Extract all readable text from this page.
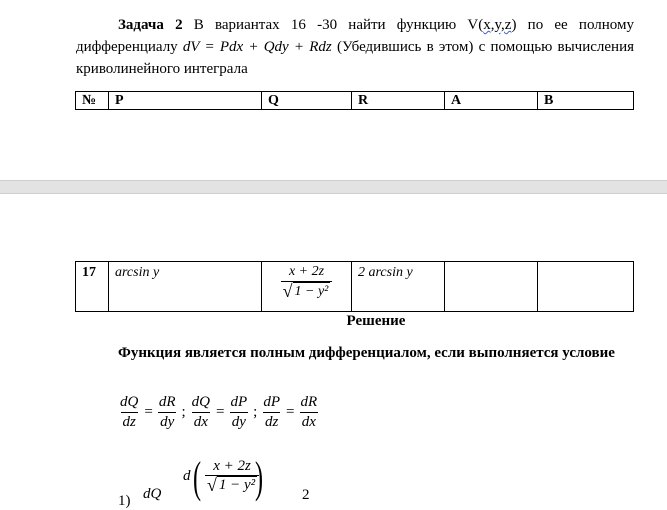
Задача 2 В вариантах 16 -30 найти функцию V(x,y,z) по ее полному дифференциалу dV = Pdx + Qdy + Rdz (Убедившись в этом) с помощью вычисления криволинейного интеграла
№	P	Q	R	A	B
17	arcsin y	$\frac{x + 2z}{\text{√ 1 − y²}}$	2 arcsin y		
Решение
Функция является полным дифференциалом, если выполняется условие
$\frac{dQ}{dz} = \frac{dR}{dy}$ ; $\frac{dQ}{dx} = \frac{dP}{dy}$ ; $\frac{dP}{dz} = \frac{dR}{dx}$
1) dQ
d ( $\frac{x + 2z}{\text{√ 1 − y²}}$
)	2
